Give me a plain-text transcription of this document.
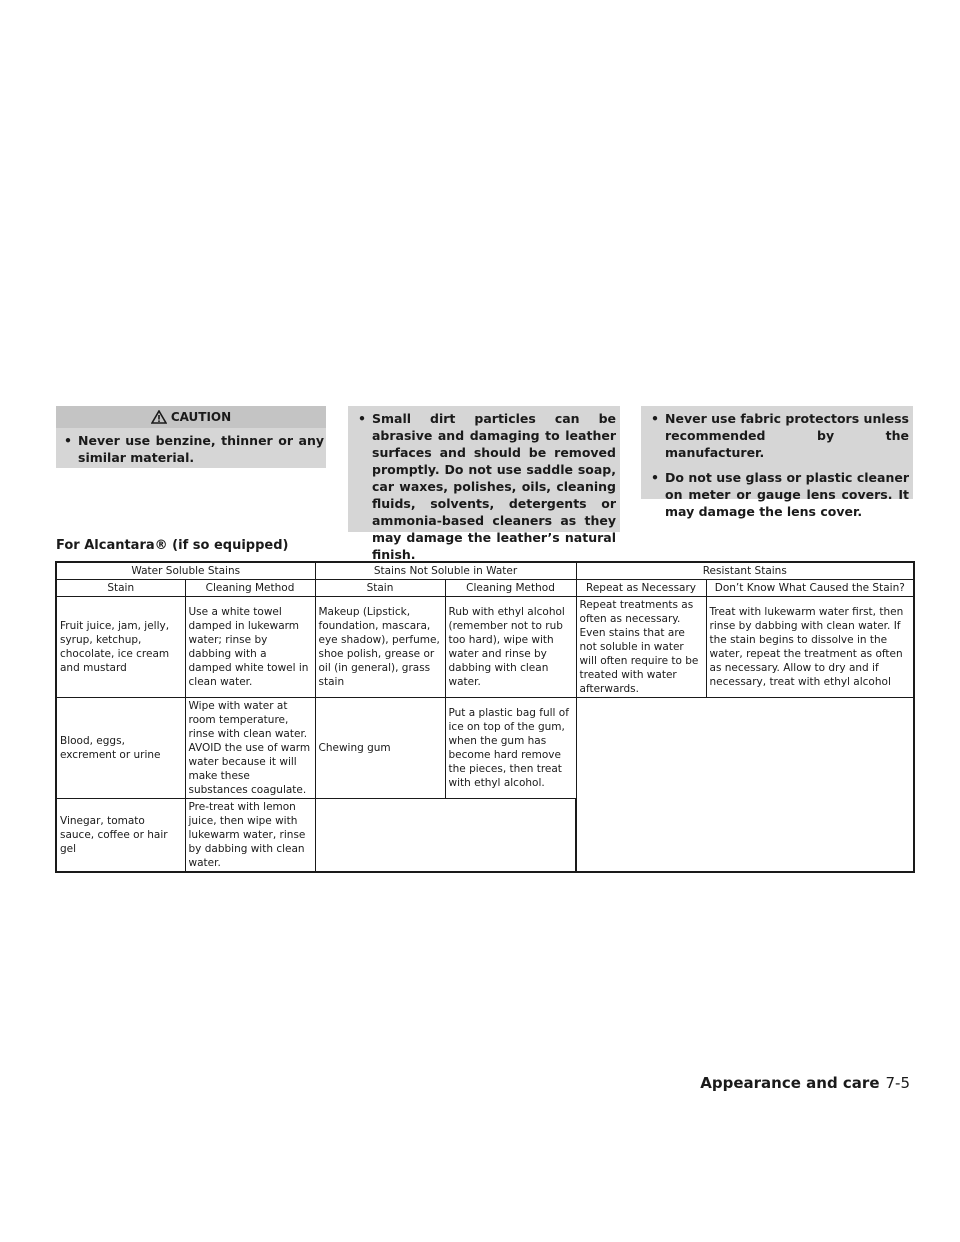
CAUTION
• Never use benzine, thinner or any similar material.
• Small dirt particles can be abrasive and damaging to leather surfaces and should be removed promptly. Do not use saddle soap, car waxes, polishes, oils, cleaning fluids, solvents, detergents or ammonia-based cleaners as they may damage the leather’s natural finish.
• Never use fabric protectors unless recommended by the manufacturer.
• Do not use glass or plastic cleaner on meter or gauge lens covers. It may damage the lens cover.
For Alcantara® (if so equipped)
Water Soluble Stains		Stains Not Soluble in Water		Resistant Stains	
Stain	Cleaning Method	Stain	Cleaning Method	Repeat as Necessary	Don’t Know What Caused the Stain?
Fruit juice, jam, jelly, syrup, ketchup, chocolate, ice cream and mustard	Use a white towel damped in lukewarm water; rinse by dabbing with a damped white towel in clean water.	Makeup (Lipstick, foundation, mascara, eye shadow), perfume, shoe polish, grease or oil (in general), grass stain	Rub with ethyl alcohol (remember not to rub too hard), wipe with water and rinse by dabbing with clean water.	Repeat treatments as often as necessary. Even stains that are not soluble in water will often require to be treated with water afterwards.	Treat with lukewarm water first, then rinse by dabbing with clean water. If the stain begins to dissolve in the water, repeat the treatment as often as necessary. Allow to dry and if necessary, treat with ethyl alcohol
Blood, eggs, excrement or urine	Wipe with water at room temperature, rinse with clean water. AVOID the use of warm water because it will make these substances coagulate.	Chewing gum	Put a plastic bag full of ice on top of the gum, when the gum has become hard remove the pieces, then treat with ethyl alcohol.		
Vinegar, tomato sauce, coffee or hair gel	Pre-treat with lemon juice, then wipe with lukewarm water, rinse by dabbing with clean water.				
Appearance and care 7-5
